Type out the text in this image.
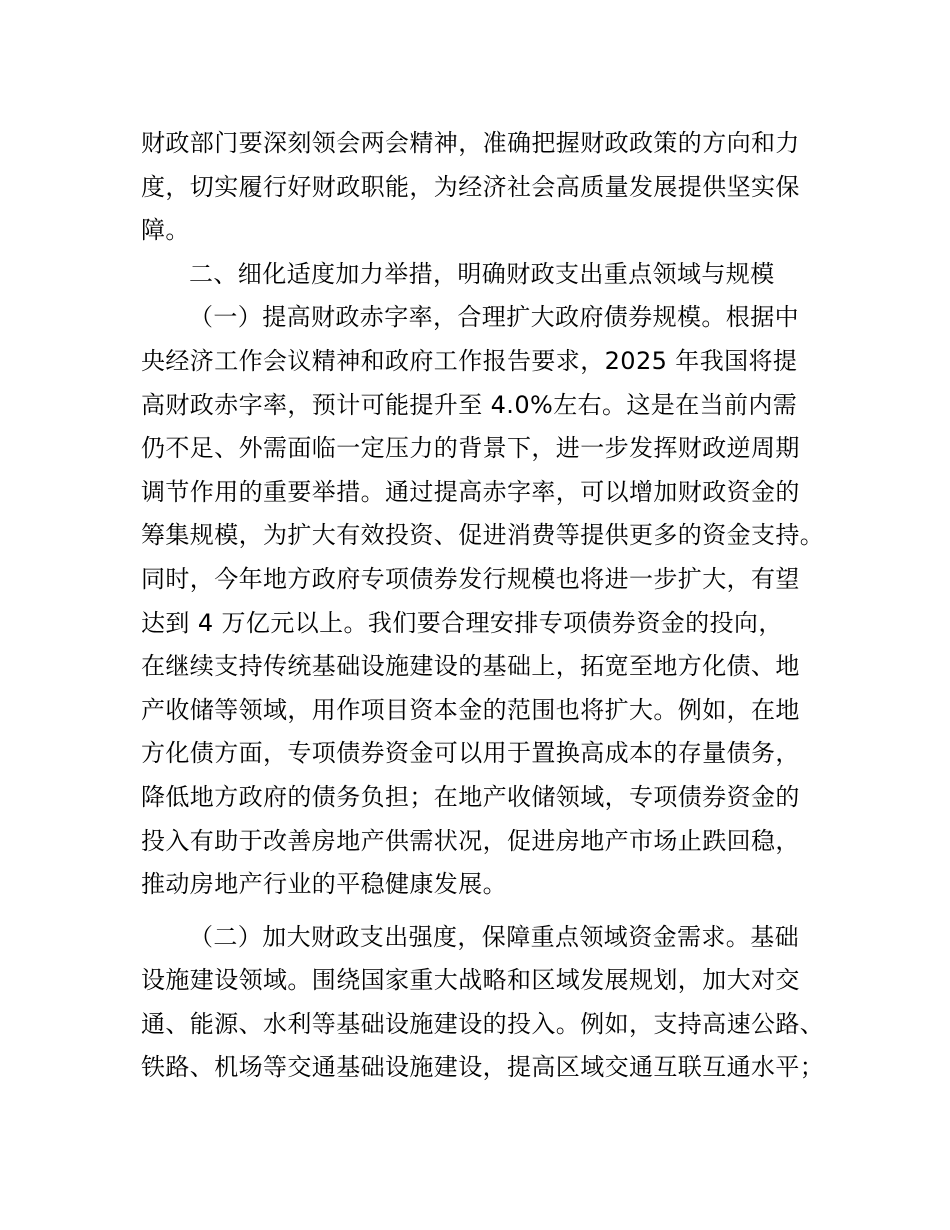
财政部门要深刻领会两会精神，准确把握财政政策的方向和力
度，切实履行好财政职能，为经济社会高质量发展提供坚实保
障。
二、细化适度加力举措，明确财政支出重点领域与规模
（一）提高财政赤字率，合理扩大政府债券规模。根据中
央经济工作会议精神和政府工作报告要求，2025 年我国将提
高财政赤字率，预计可能提升至 4.0%左右。这是在当前内需
仍不足、外需面临一定压力的背景下，进一步发挥财政逆周期
调节作用的重要举措。通过提高赤字率，可以增加财政资金的
筹集规模，为扩大有效投资、促进消费等提供更多的资金支持。
同时，今年地方政府专项债券发行规模也将进一步扩大，有望
达到 4 万亿元以上。我们要合理安排专项债券资金的投向，
在继续支持传统基础设施建设的基础上，拓宽至地方化债、地
产收储等领域，用作项目资本金的范围也将扩大。例如，在地
方化债方面，专项债券资金可以用于置换高成本的存量债务，
降低地方政府的债务负担；在地产收储领域，专项债券资金的
投入有助于改善房地产供需状况，促进房地产市场止跌回稳，
推动房地产行业的平稳健康发展。
（二）加大财政支出强度，保障重点领域资金需求。基础
设施建设领域。围绕国家重大战略和区域发展规划，加大对交
通、能源、水利等基础设施建设的投入。例如，支持高速公路、
铁路、机场等交通基础设施建设，提高区域交通互联互通水平；
